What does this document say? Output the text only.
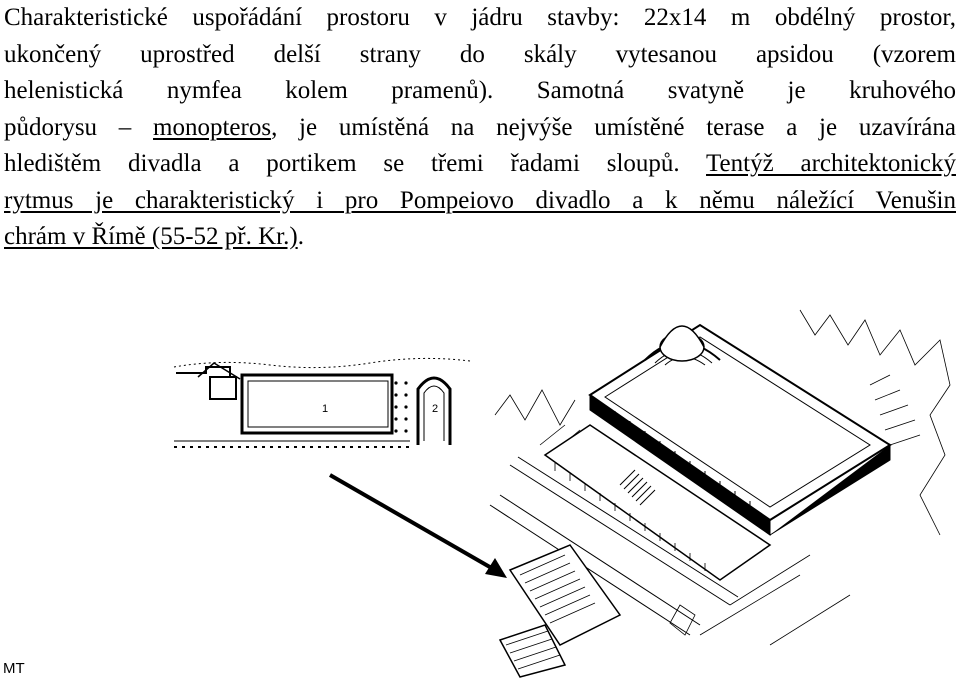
Charakteristické uspořádání prostoru v jádru stavby: 22x14 m obdélný prostor,
ukončený uprostřed delší strany do skály vytesanou apsidou (vzorem
helenistická nymfea kolem pramenů). Samotná svatyně je kruhového
půdorysu – monopteros, je umístěná na nejvýše umístěné terase a je uzavírána
hledištěm divadla a portikem se třemi řadami sloupů. Tentýž architektonický
rytmus je charakteristický i pro Pompeiovo divadlo a k němu náležící Venušin
chrám v Římě (55-52 př. Kr.).
1	2
MT
